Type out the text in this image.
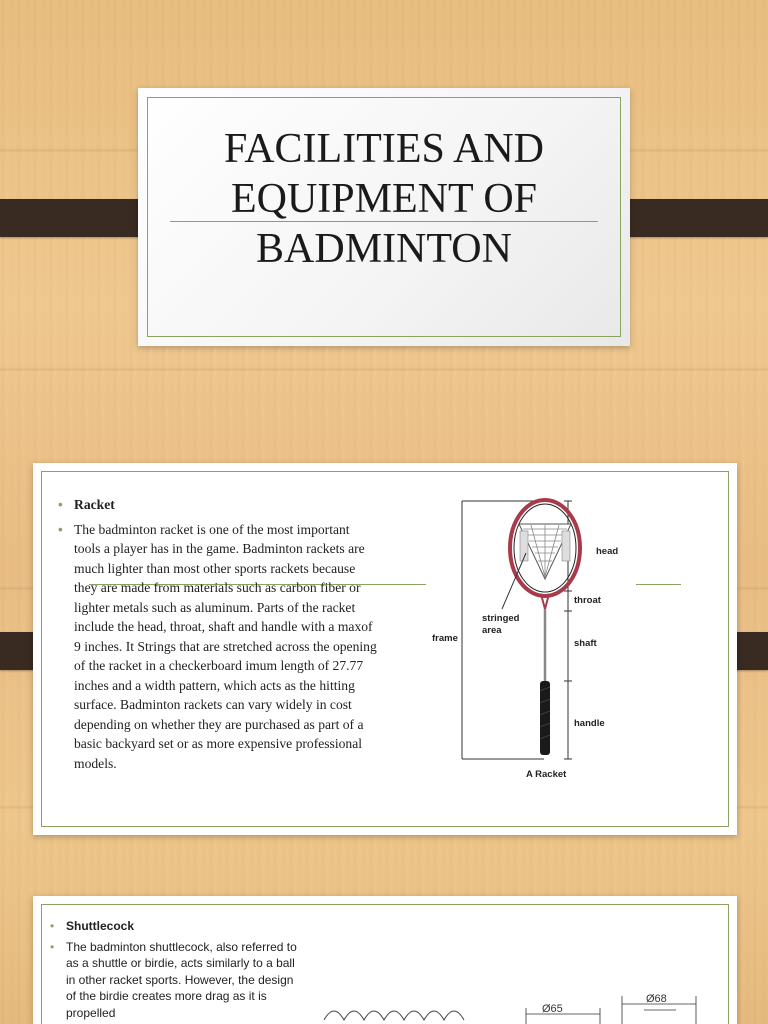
FACILITIES AND
EQUIPMENT OF
BADMINTON
• Racket
• The badminton racket is one of the most important tools a player has in the game. Badminton rackets are much lighter than most other sports rackets because they are made from materials such as carbon fiber or lighter metals such as aluminum. Parts of the racket include the head, throat, shaft and handle with a maxof 9 inches. It Strings that are stretched across the opening of the racket in a checkerboard imum length of 27.77 inches and a width pattern, which acts as the hitting surface. Badminton rackets can vary widely in cost depending on whether they are purchased as part of a basic backyard set or as more expensive professional models.
head
throat
stringed
area
frame	shaft
handle
A Racket
• Shuttlecock
• The badminton shuttlecock, also referred to as a shuttle or birdie, acts similarly to a ball in other racket sports. However, the design of the birdie creates more drag as it is propelled	Ø65
Ø68
